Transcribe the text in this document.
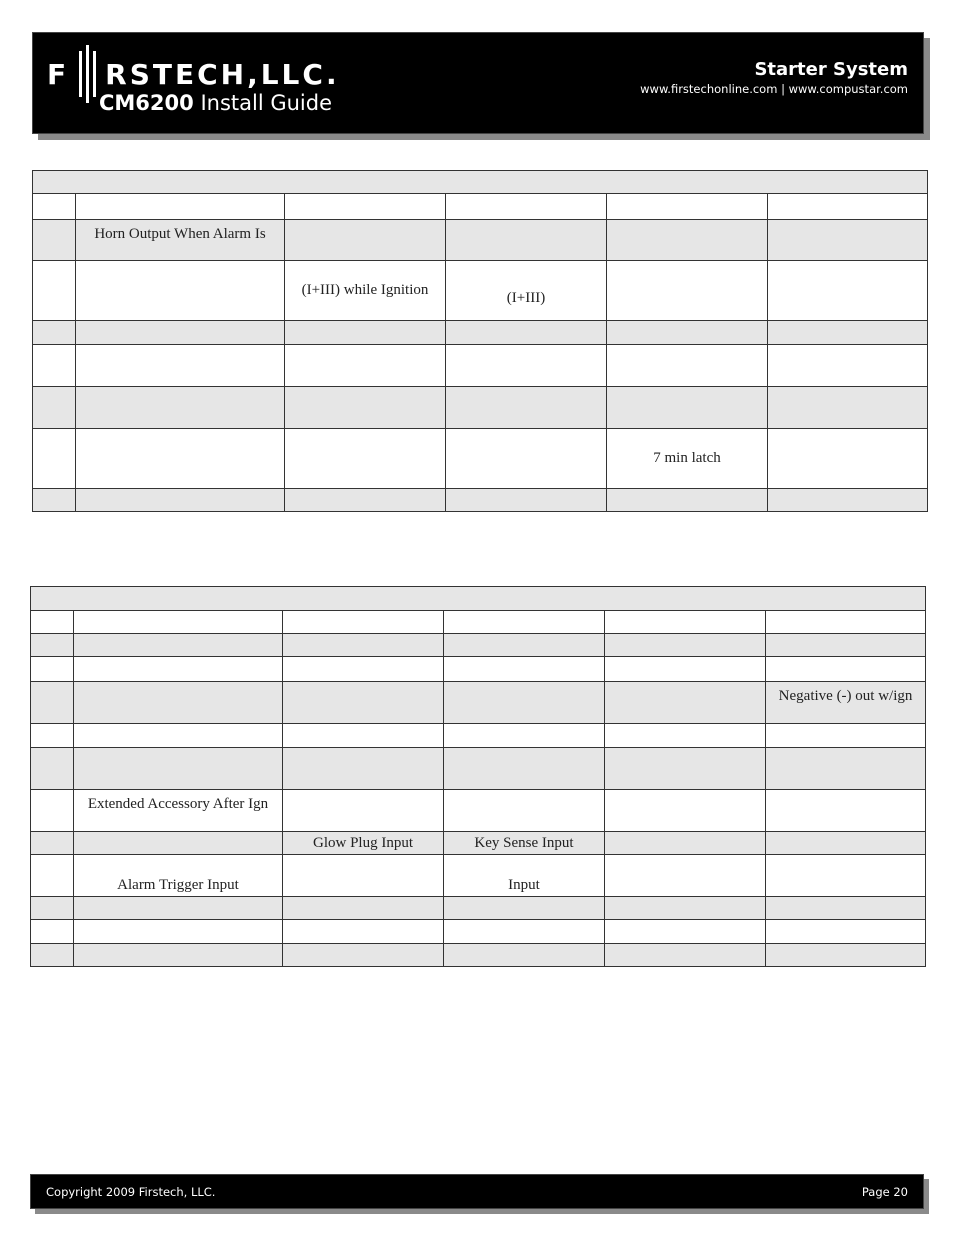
F RSTECH,LLC.
CM6200 Install Guide
Starter System
www.firstechonline.com | www.compustar.com

	Horn Output When Alarm Is				
		(I+III) while Ignition	(I+III)		

				7 min latch	

					Negative (-) out w/ign

	Extended Accessory After Ign				
		Glow Plug Input	Key Sense Input		
	Alarm Trigger Input		Input		

Copyright 2009 Firstech, LLC.	Page 20
